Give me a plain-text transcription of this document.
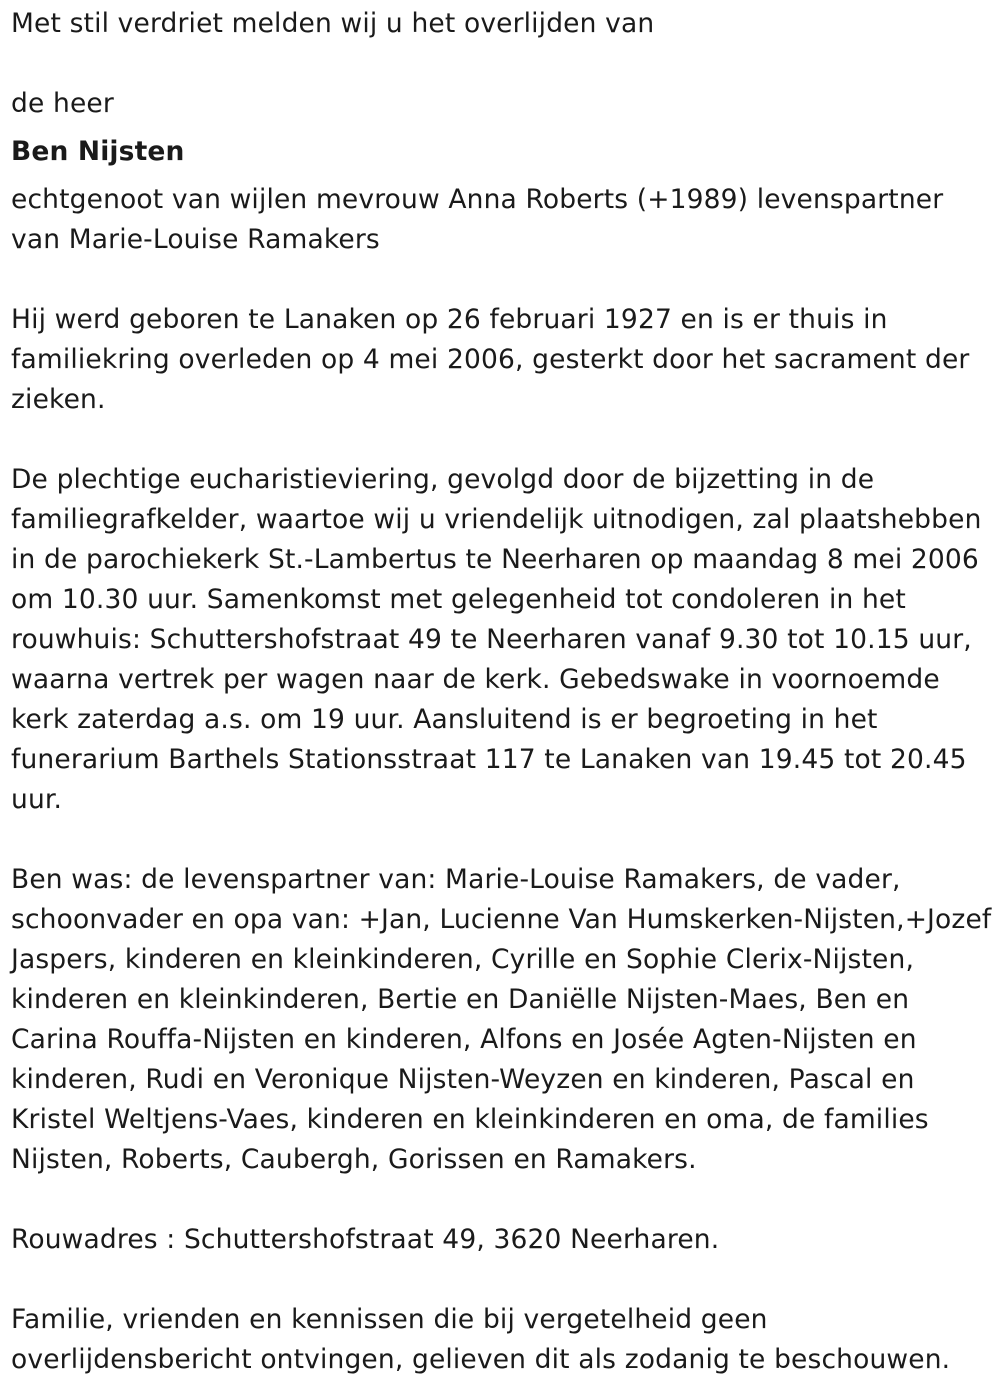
Met stil verdriet melden wij u het overlijden van

de heer

Ben Nijsten

echtgenoot van wijlen mevrouw Anna Roberts (+1989) levenspartner van Marie-Louise Ramakers

Hij werd geboren te Lanaken op 26 februari 1927 en is er thuis in familiekring overleden op 4 mei 2006, gesterkt door het sacrament der zieken.

De plechtige eucharistieviering, gevolgd door de bijzetting in de familiegrafkelder, waartoe wij u vriendelijk uitnodigen, zal plaatshebben in de parochiekerk St.-Lambertus te Neerharen op maandag 8 mei 2006 om 10.30 uur. Samenkomst met gelegenheid tot condoleren in het rouwhuis: Schuttershofstraat 49 te Neerharen vanaf 9.30 tot 10.15 uur, waarna vertrek per wagen naar de kerk. Gebedswake in voornoemde kerk zaterdag a.s. om 19 uur. Aansluitend is er begroeting in het funerarium Barthels Stationsstraat 117 te Lanaken van 19.45 tot 20.45 uur.

Ben was: de levenspartner van: Marie-Louise Ramakers, de vader, schoonvader en opa van: +Jan, Lucienne Van Humskerken-Nijsten,+Jozef Jaspers, kinderen en kleinkinderen, Cyrille en Sophie Clerix-Nijsten, kinderen en kleinkinderen, Bertie en Daniëlle Nijsten-Maes, Ben en Carina Rouffa-Nijsten en kinderen, Alfons en Josée Agten-Nijsten en kinderen, Rudi en Veronique Nijsten-Weyzen en kinderen, Pascal en Kristel Weltjens-Vaes, kinderen en kleinkinderen en oma, de families Nijsten, Roberts, Caubergh, Gorissen en Ramakers.

Rouwadres : Schuttershofstraat 49, 3620 Neerharen.

Familie, vrienden en kennissen die bij vergetelheid geen overlijdensbericht ontvingen, gelieven dit als zodanig te beschouwen.
